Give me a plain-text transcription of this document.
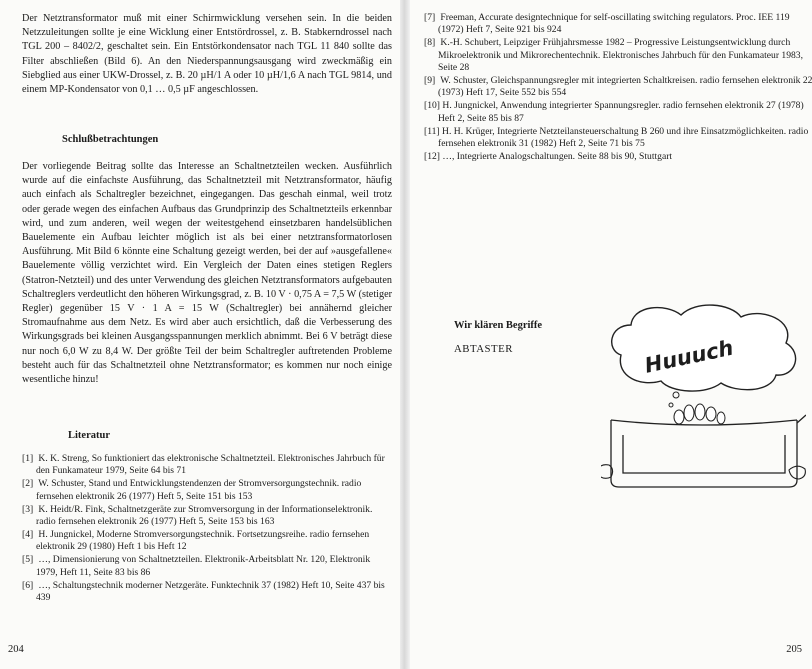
Der Netztransformator muß mit einer Schirmwicklung versehen sein. In die beiden Netzzuleitungen sollte je eine Wicklung einer Entstördrossel, z. B. Stabkerndrossel nach TGL 200 – 8402/2, geschaltet sein. Ein Entstörkondensator nach TGL 11 840 sollte das Filter abschließen (Bild 6). An den Niederspannungsausgang wird zweckmäßig ein Siebglied aus einer UKW-Drossel, z. B. 20 µH/1 A oder 10 µH/1,6 A nach TGL 9814, und einem MP-Kondensator von 0,1 … 0,5 µF angeschlossen.

Schlußbetrachtungen

Der vorliegende Beitrag sollte das Interesse an Schaltnetzteilen wecken. Ausführlich wurde auf die einfachste Ausführung, das Schaltnetzteil mit Netztransformator, häufig auch einfach als Schaltregler bezeichnet, eingegangen. Das geschah einmal, weil trotz oder gerade wegen des einfachen Aufbaus das Grundprinzip des Schaltnetzteils erkennbar wird, und zum anderen, weil wegen der weitestgehend einsetzbaren handelsüblichen Bauelemente ein Aufbau leichter möglich ist als bei einer netztransformatorlosen Ausführung. Mit Bild 6 könnte eine Schaltung gezeigt werden, bei der auf »ausgefallene« Bauelemente völlig verzichtet wird. Ein Vergleich der Daten eines stetigen Reglers (Statron-Netzteil) und des unter Verwendung des gleichen Netztransformators aufgebauten Schaltreglers verdeutlicht den höheren Wirkungsgrad, z. B. 10 V · 0,75 A = 7,5 W (stetiger Regler) gegenüber 15 V · 1 A = 15 W (Schaltregler) bei annähernd gleicher Stromaufnahme aus dem Netz. Es wird aber auch ersichtlich, daß die Verbesserung des Wirkungsgrads bei kleinen Ausgangsspannungen merklich abnimmt. Bei 6 V beträgt diese nur noch 6,0 W zu 8,4 W. Der größte Teil der beim Schaltregler auftretenden Probleme besteht auch für das Schaltnetzteil ohne Netztransformator; es kommen nur noch einige wesentliche hinzu!

Literatur

[1] K. K. Streng, So funktioniert das elektronische Schaltnetzteil. Elektronisches Jahrbuch für den Funkamateur 1979, Seite 64 bis 71
[2] W. Schuster, Stand und Entwicklungstendenzen der Stromversorgungstechnik. radio fernsehen elektronik 26 (1977) Heft 5, Seite 151 bis 153
[3] K. Heidt/R. Fink, Schaltnetzgeräte zur Stromversorgung in der Informationselektronik. radio fernsehen elektronik 26 (1977) Heft 5, Seite 153 bis 163
[4] H. Jungnickel, Moderne Stromversorgungstechnik. Fortsetzungsreihe. radio fernsehen elektronik 29 (1980) Heft 1 bis Heft 12
[5] …, Dimensionierung von Schaltnetzteilen. Elektronik-Arbeitsblatt Nr. 120, Elektronik 1979, Heft 11, Seite 83 bis 86
[6] …, Schaltungstechnik moderner Netzgeräte. Funktechnik 37 (1982) Heft 10, Seite 437 bis 439
204
[7] Freeman, Accurate designtechnique for self-oscillating switching regulators. Proc. IEE 119 (1972) Heft 7, Seite 921 bis 924
[8] K.-H. Schubert, Leipziger Frühjahrsmesse 1982 – Progressive Leistungsentwicklung durch Mikroelektronik und Mikrorechentechnik. Elektronisches Jahrbuch für den Funkamateur 1983, Seite 28
[9] W. Schuster, Gleichspannungsregler mit integrierten Schaltkreisen. radio fernsehen elektronik 22 (1973) Heft 17, Seite 552 bis 554
[10] H. Jungnickel, Anwendung integrierter Spannungsregler. radio fernsehen elektronik 27 (1978) Heft 2, Seite 85 bis 87
[11] H. H. Krüger, Integrierte Netzteilansteuerschaltung B 260 und ihre Einsatzmöglichkeiten. radio fernsehen elektronik 31 (1982) Heft 2, Seite 71 bis 75
[12] …, Integrierte Analogschaltungen. Seite 88 bis 90, Stuttgart

Wir klären Begriffe

ABTASTER	Huuuch
205
